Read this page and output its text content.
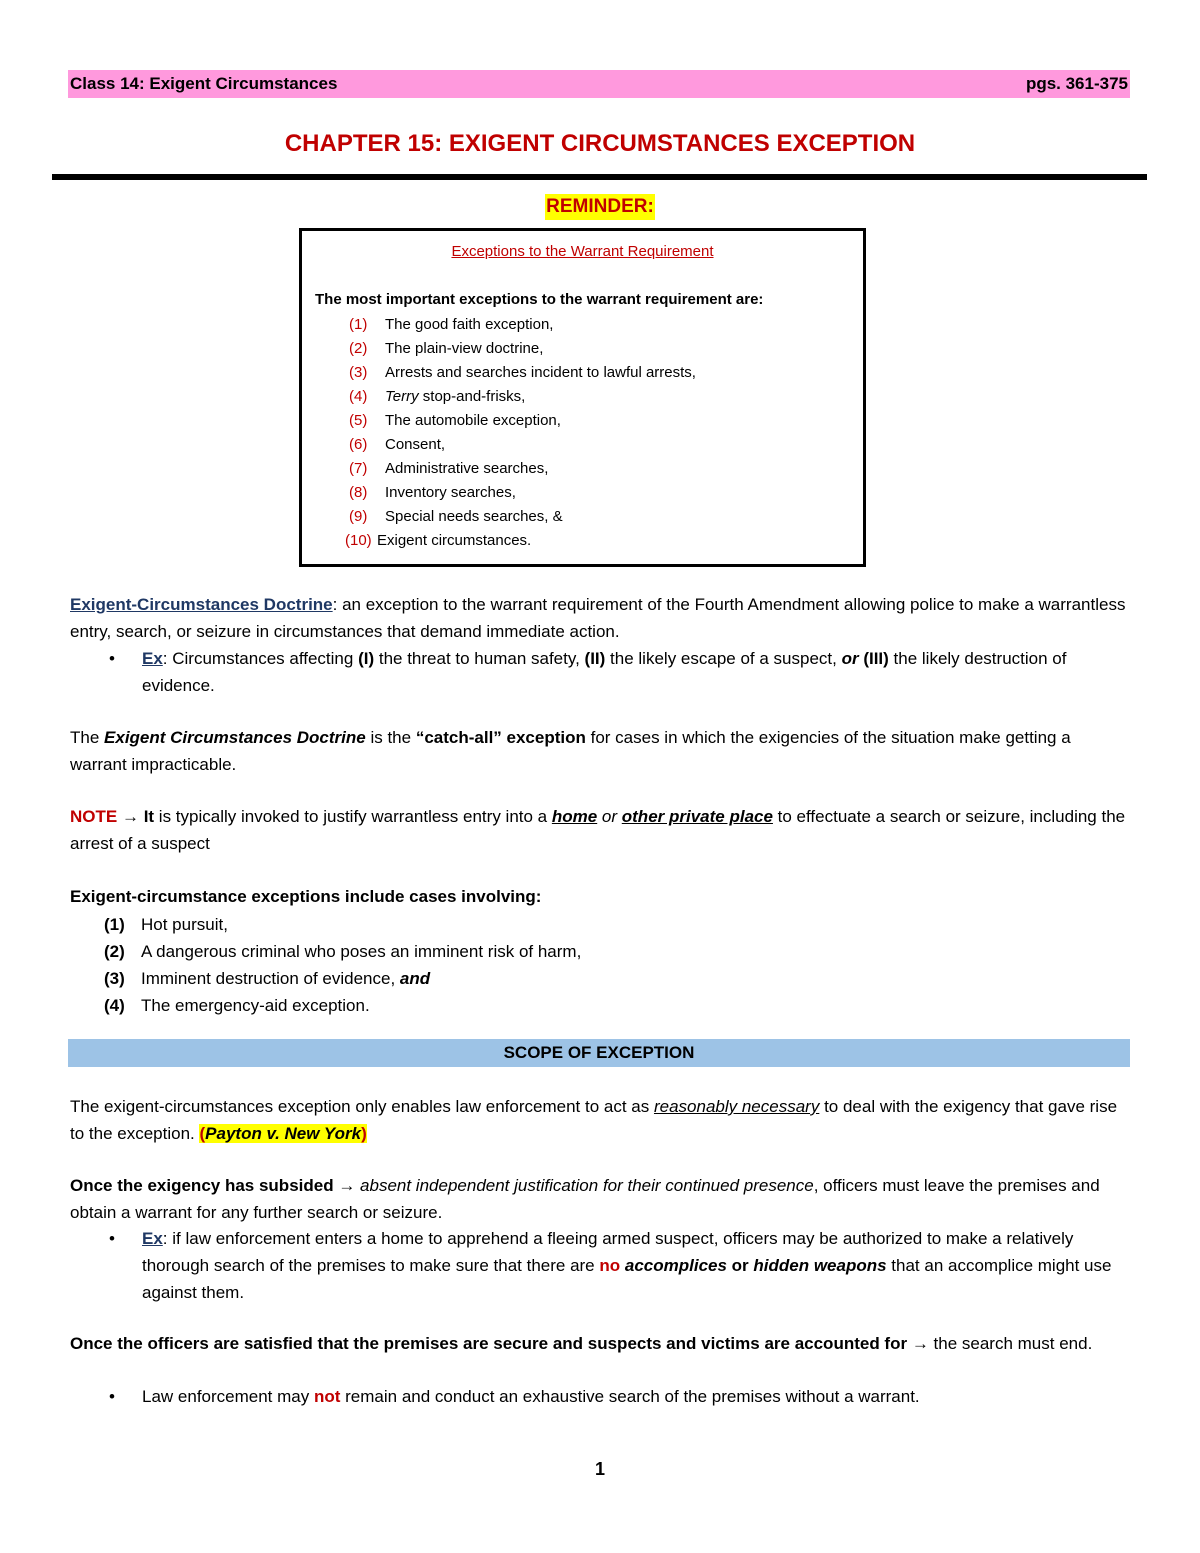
Class 14: Exigent Circumstances	pgs. 361-375
CHAPTER 15: EXIGENT CIRCUMSTANCES EXCEPTION
REMINDER:
Exceptions to the Warrant Requirement
The most important exceptions to the warrant requirement are:
(1) The good faith exception,
(2) The plain-view doctrine,
(3) Arrests and searches incident to lawful arrests,
(4) Terry stop-and-frisks,
(5) The automobile exception,
(6) Consent,
(7) Administrative searches,
(8) Inventory searches,
(9) Special needs searches, &
(10) Exigent circumstances.
Exigent-Circumstances Doctrine: an exception to the warrant requirement of the Fourth Amendment allowing police to make a warrantless entry, search, or seizure in circumstances that demand immediate action.
• Ex: Circumstances affecting (I) the threat to human safety, (II) the likely escape of a suspect, or (III) the likely destruction of evidence.
The Exigent Circumstances Doctrine is the “catch-all” exception for cases in which the exigencies of the situation make getting a warrant impracticable.
NOTE → It is typically invoked to justify warrantless entry into a home or other private place to effectuate a search or seizure, including the arrest of a suspect
Exigent-circumstance exceptions include cases involving:
(1) Hot pursuit,
(2) A dangerous criminal who poses an imminent risk of harm,
(3) Imminent destruction of evidence, and
(4) The emergency-aid exception.
SCOPE OF EXCEPTION
The exigent-circumstances exception only enables law enforcement to act as reasonably necessary to deal with the exigency that gave rise to the exception. (Payton v. New York)
Once the exigency has subsided → absent independent justification for their continued presence, officers must leave the premises and obtain a warrant for any further search or seizure.
• Ex: if law enforcement enters a home to apprehend a fleeing armed suspect, officers may be authorized to make a relatively thorough search of the premises to make sure that there are no accomplices or hidden weapons that an accomplice might use against them.
Once the officers are satisfied that the premises are secure and suspects and victims are accounted for → the search must end.
• Law enforcement may not remain and conduct an exhaustive search of the premises without a warrant.
1
